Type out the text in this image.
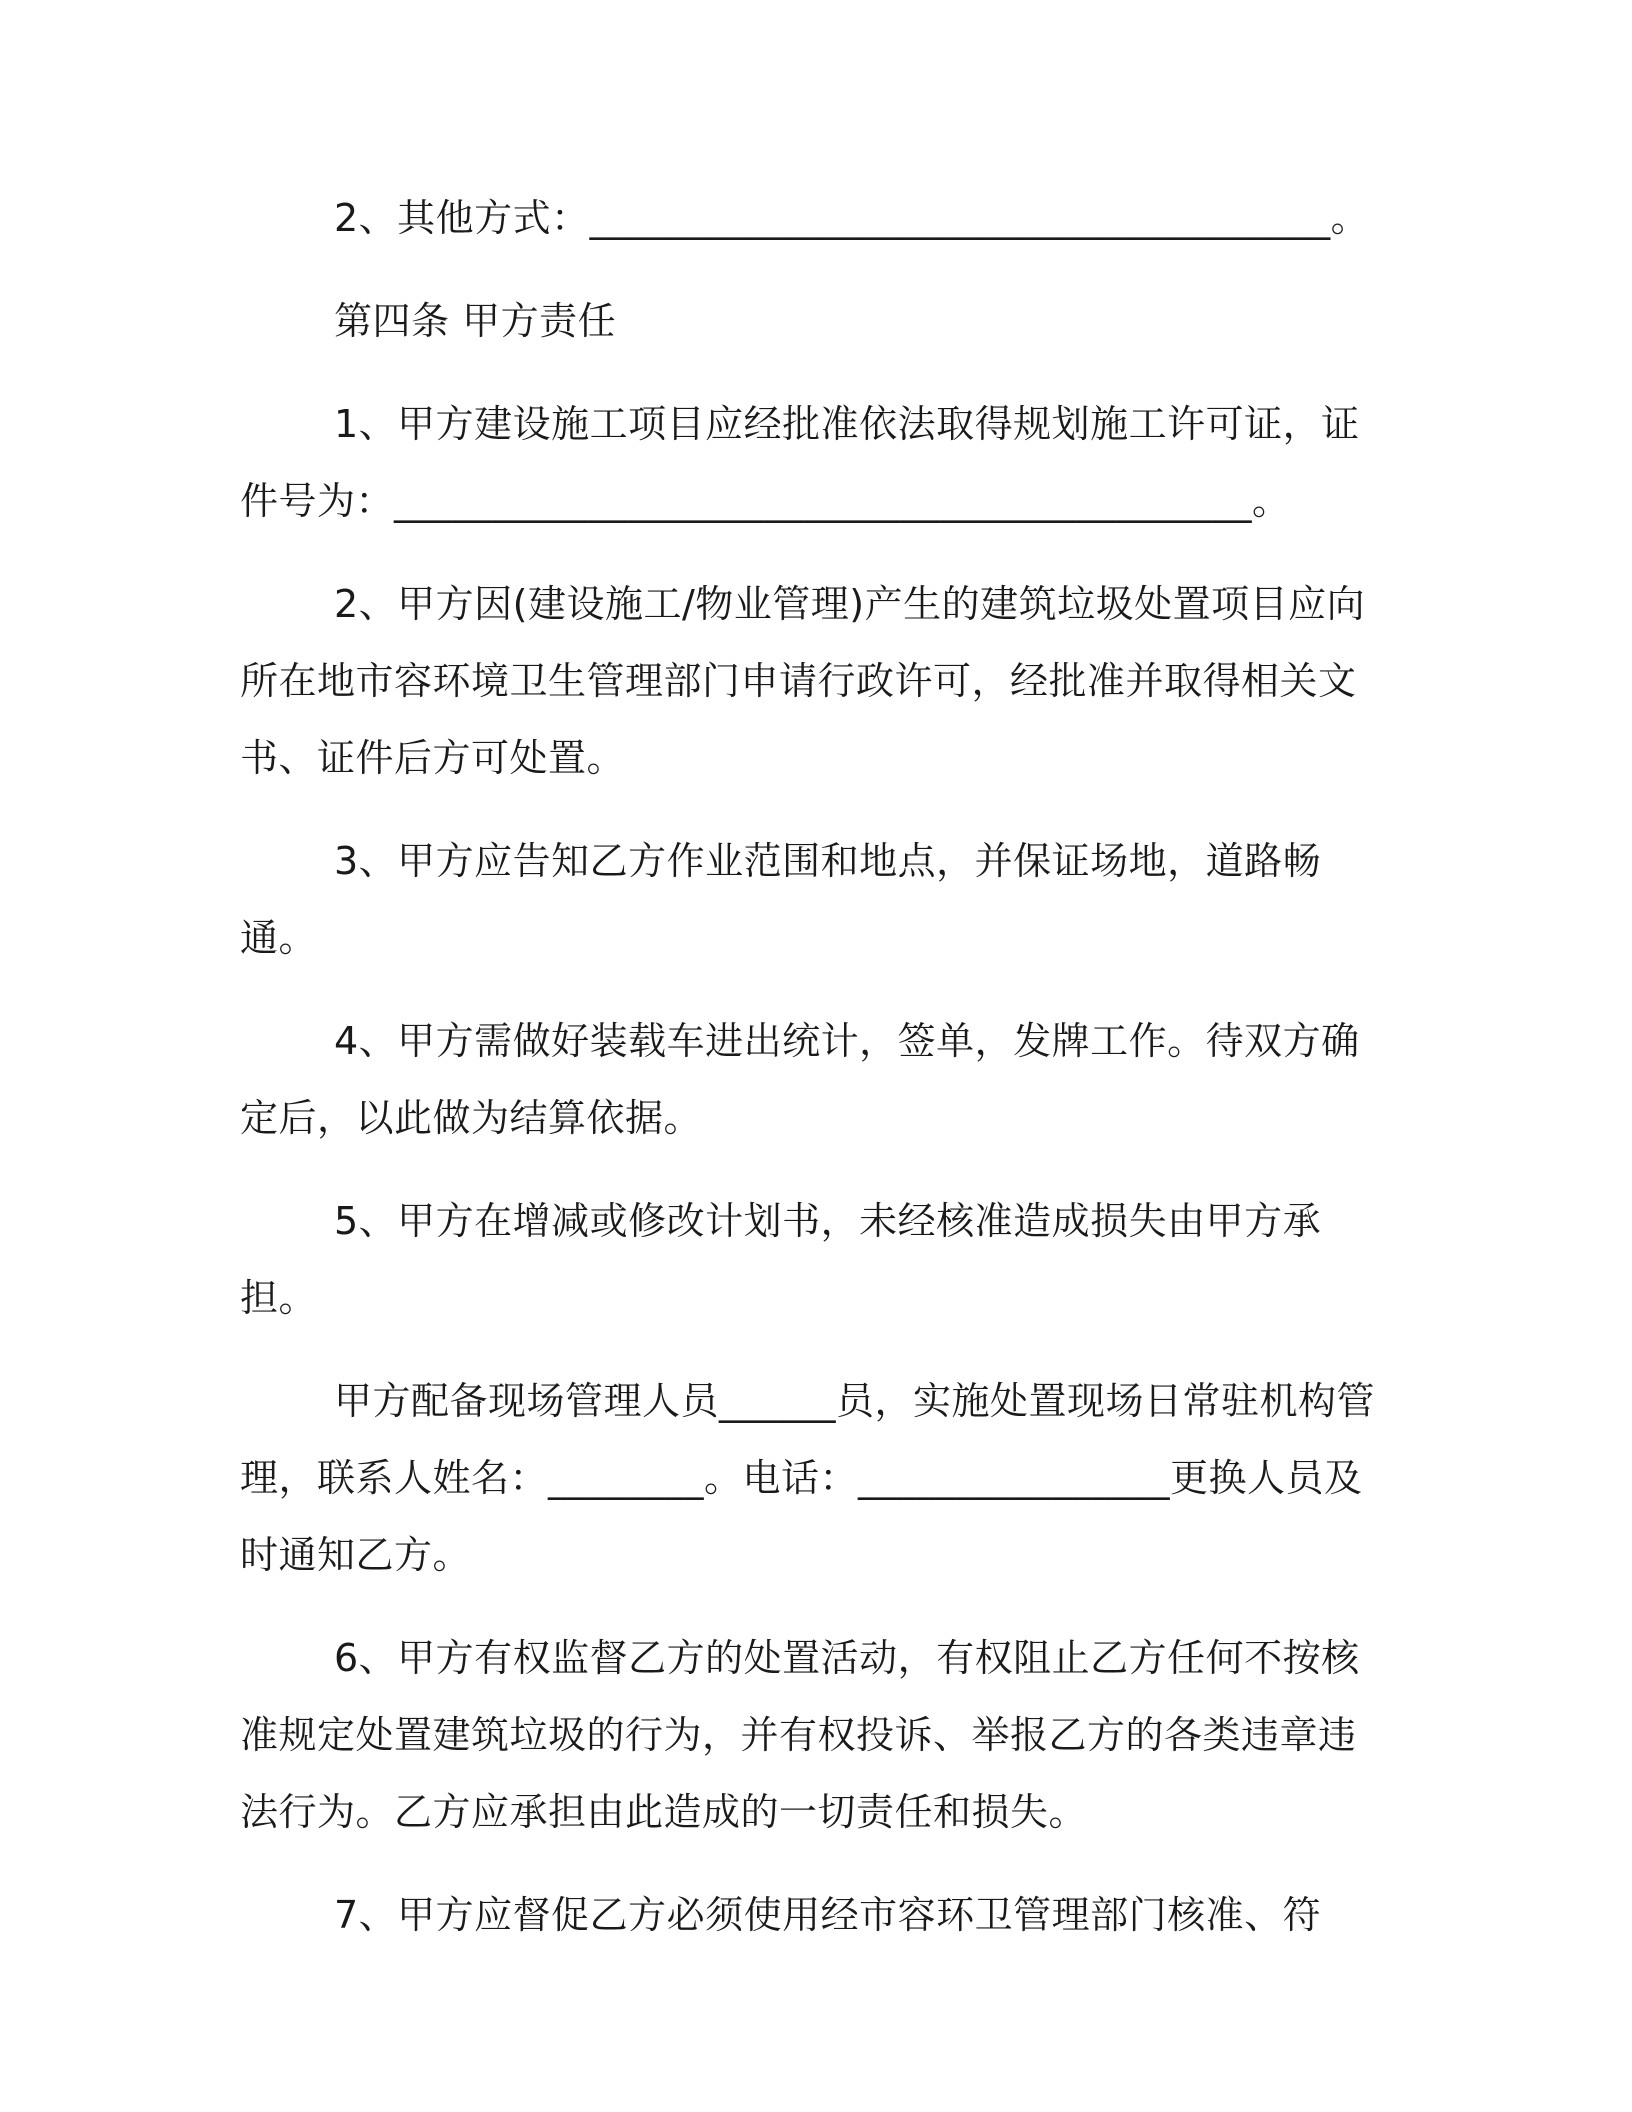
2、其他方式：______________________________________。

第四条 甲方责任

1、甲方建设施工项目应经批准依法取得规划施工许可证，证件号为：____________________________________________。

2、甲方因(建设施工/物业管理)产生的建筑垃圾处置项目应向所在地市容环境卫生管理部门申请行政许可，经批准并取得相关文书、证件后方可处置。

3、甲方应告知乙方作业范围和地点，并保证场地，道路畅通。

4、甲方需做好装载车进出统计，签单，发牌工作。待双方确定后，以此做为结算依据。

5、甲方在增减或修改计划书，未经核准造成损失由甲方承担。

甲方配备现场管理人员______员，实施处置现场日常驻机构管理，联系人姓名：________。电话：________________更换人员及时通知乙方。

6、甲方有权监督乙方的处置活动，有权阻止乙方任何不按核准规定处置建筑垃圾的行为，并有权投诉、举报乙方的各类违章违法行为。乙方应承担由此造成的一切责任和损失。

7、甲方应督促乙方必须使用经市容环卫管理部门核准、符
